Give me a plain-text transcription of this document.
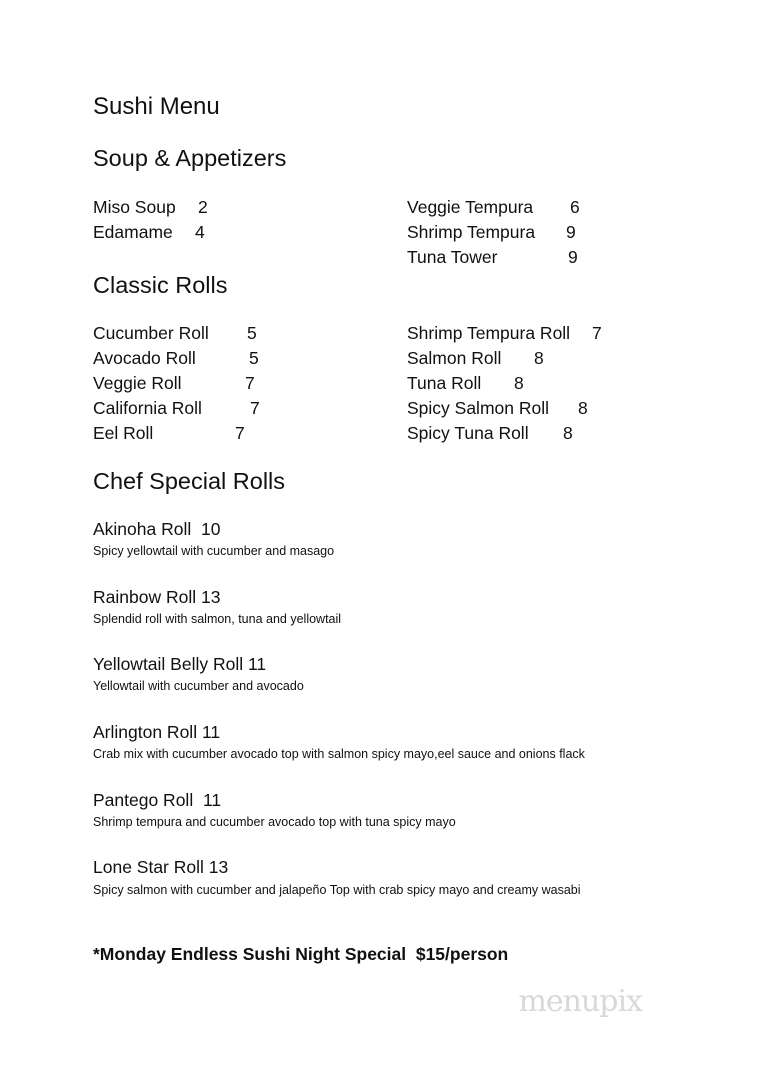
Sushi Menu
Soup & Appetizers
Miso Soup 2
Edamame 4
Veggie Tempura 6
Shrimp Tempura 9
Tuna Tower	9
Classic Rolls
Cucumber Roll 5
Avocado Roll	5
Veggie Roll	7
California Roll	7
Eel Roll	7
Shrimp Tempura Roll 7
Salmon Roll 8
Tuna Roll 8
Spicy Salmon Roll 8
Spicy Tuna Roll 8
Chef Special Rolls
Akinoha Roll 10
Spicy yellowtail with cucumber and masago
Rainbow Roll 13
Splendid roll with salmon, tuna and yellowtail
Yellowtail Belly Roll 11
Yellowtail with cucumber and avocado
Arlington Roll 11
Crab mix with cucumber avocado top with salmon spicy mayo,eel sauce and onions flack
Pantego Roll 11
Shrimp tempura and cucumber avocado top with tuna spicy mayo
Lone Star Roll 13
Spicy salmon with cucumber and jalapeño Top with crab spicy mayo and creamy wasabi
*Monday Endless Sushi Night Special  $15/person
menupix
